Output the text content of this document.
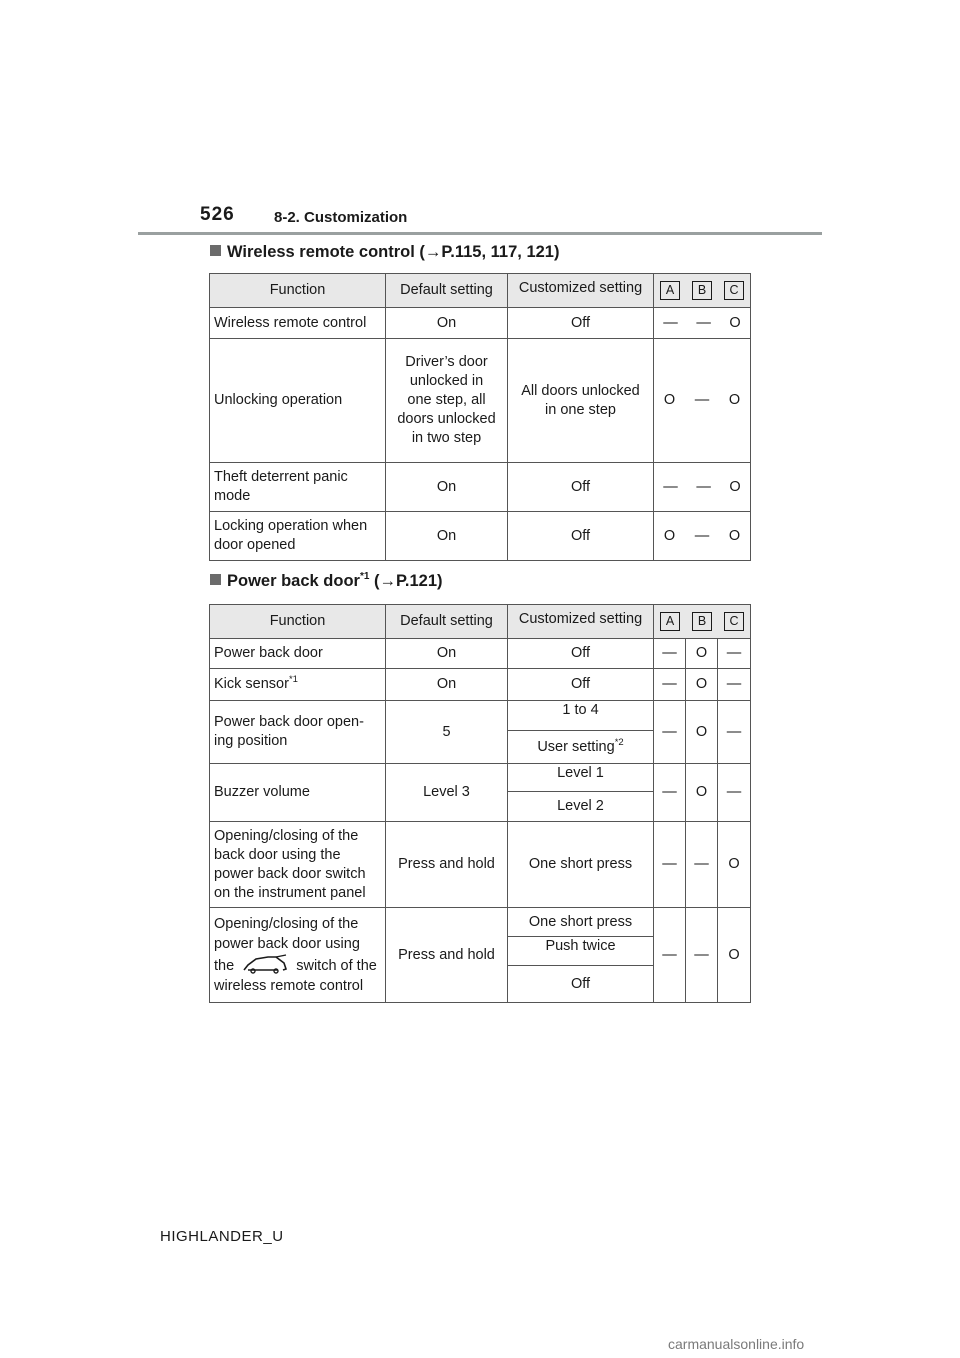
526	8-2. Customization
Wireless remote control (→P.115, 117, 121)
Function	Default setting	Customized setting	A B C

Wireless remote control	On	Off	— — O

Unlocking operation	Driver’s door unlocked in one step, all doors unlocked in two step	All doors unlocked in one step	O — O

Theft deterrent panic mode	On	Off	— — O

Locking operation when door opened	On	Off	O — O
Power back door$^{*1}$ (→P.121)
Function	Default setting	Customized setting	A B C		

Power back door	On	Off	—	O	—
Kick sensor$^{*1}$	On	Off	—	O	—
Power back door open-ing position	5	1 to 4	—	O	—
		User setting$^{*2}$
Buzzer volume	Level 3	Level 1	—	O	—
		Level 2			
Opening/closing of the back door using the power back door switch on the instrument panel	Press and hold	One short press	—	—	O
Opening/closing of the power back door using the switch of the wireless remote control	Press and hold	One short press	—	—	O
		Push twice			
		Off			
HIGHLANDER_U
carmanualsonline.info
